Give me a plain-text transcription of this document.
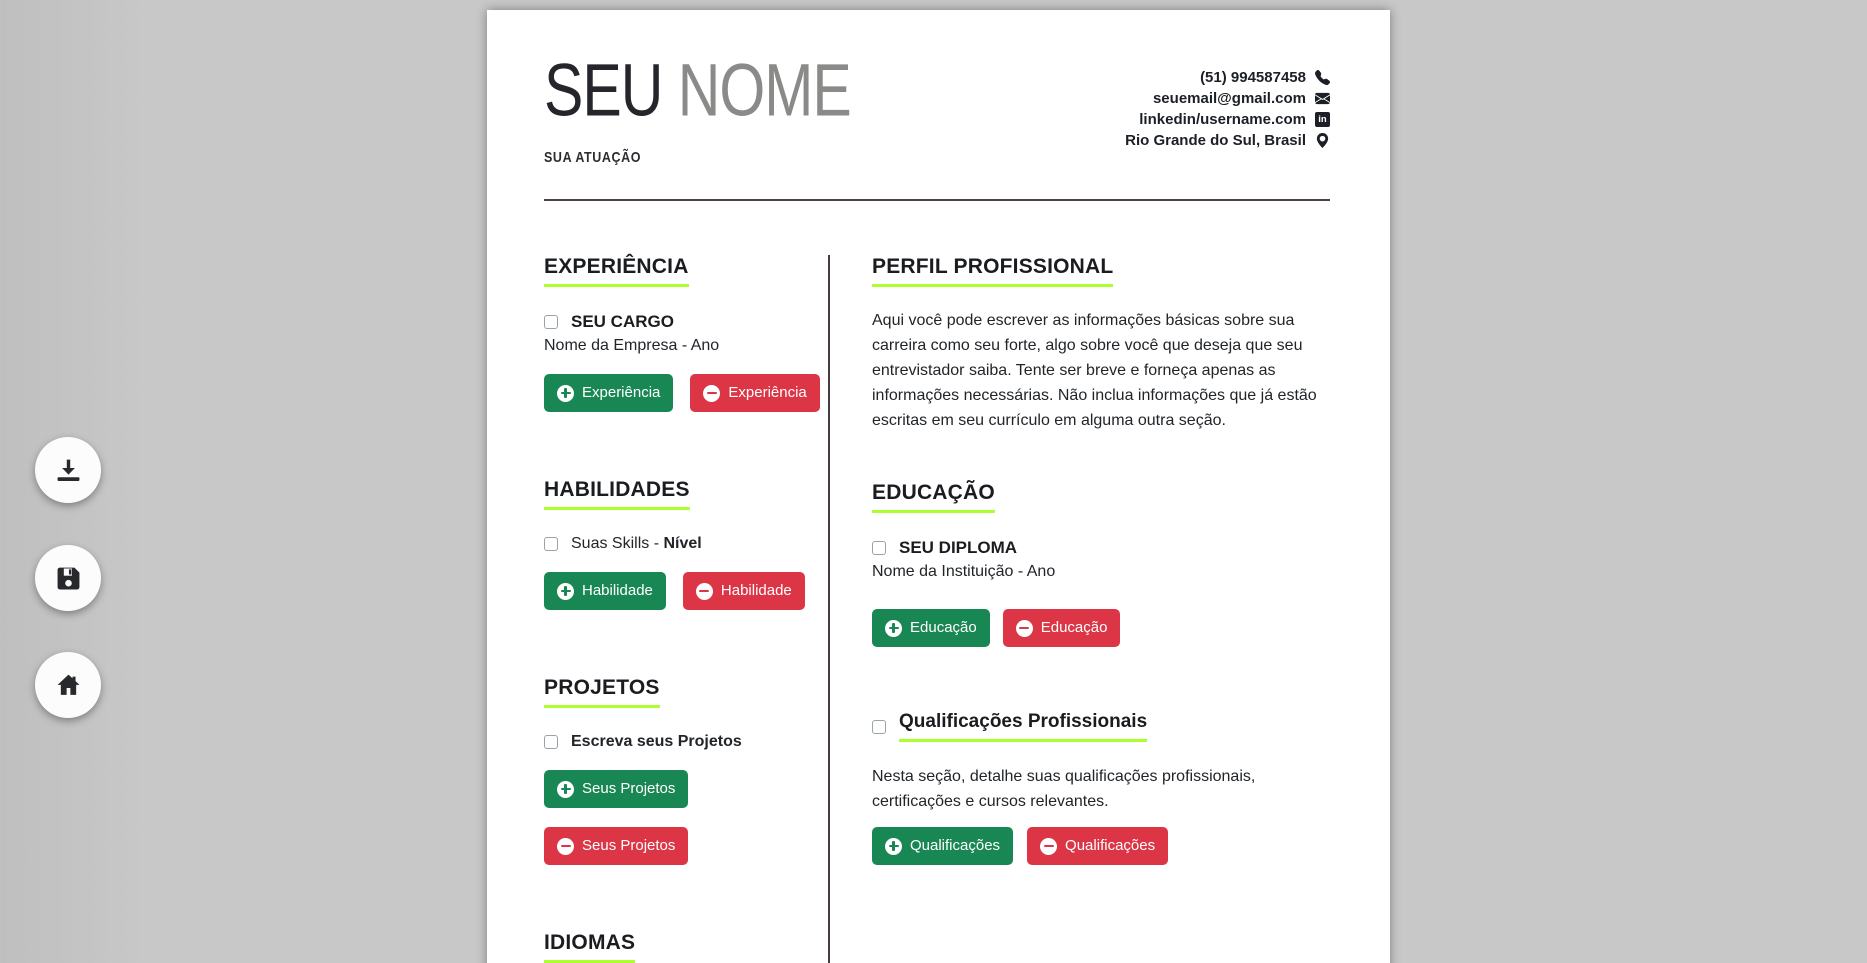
SEU NOME
SUA ATUAÇÃO
(51) 994587458
seuemail@gmail.com
linkedin/username.com	in
Rio Grande do Sul, Brasil
EXPERIÊNCIA
SEU CARGO
Nome da Empresa - Ano
Experiência	Experiência
HABILIDADES
Suas Skills - Nível
Habilidade	Habilidade
PROJETOS
Escreva seus Projetos
Seus Projetos
Seus Projetos
IDIOMAS
PERFIL PROFISSIONAL

Aqui você pode escrever as informações básicas sobre sua carreira como seu forte, algo sobre você que deseja que seu entrevistador saiba. Tente ser breve e forneça apenas as informações necessárias. Não inclua informações que já estão escritas em seu currículo em alguma outra seção.

EDUCAÇÃO
SEU DIPLOMA
Nome da Instituição - Ano
Educação	Educação
Qualificações Profissionais

Nesta seção, detalhe suas qualificações profissionais, certificações e cursos relevantes.

Qualificações	Qualificações
